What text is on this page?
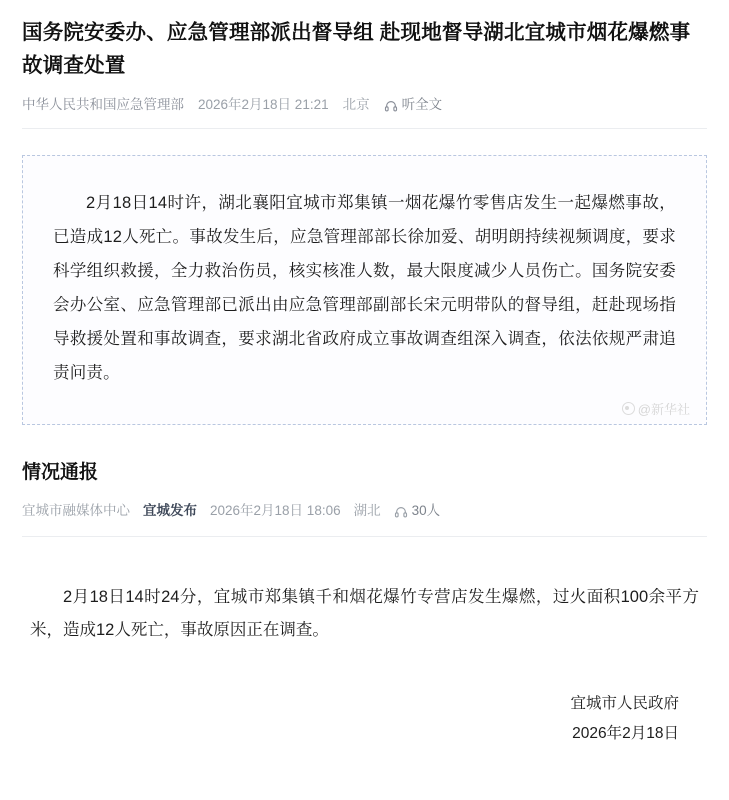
国务院安委办、应急管理部派出督导组 赴现地督导湖北宜城市烟花爆燃事故调查处置
中华人民共和国应急管理部 2026年2月18日 21:21 北京 听全文

2月18日14时许，湖北襄阳宜城市郑集镇一烟花爆竹零售店发生一起爆燃事故，已造成12人死亡。事故发生后，应急管理部部长徐加爱、胡明朗持续视频调度，要求科学组织救援，全力救治伤员，核实核准人数，最大限度减少人员伤亡。国务院安委会办公室、应急管理部已派出由应急管理部副部长宋元明带队的督导组，赶赴现场指导救援处置和事故调查，要求湖北省政府成立事故调查组深入调查，依法依规严肃追责问责。

@新华社
情况通报
宜城市融媒体中心 宜城发布 2026年2月18日 18:06 湖北 30人

2月18日14时24分，宜城市郑集镇千和烟花爆竹专营店发生爆燃，过火面积100余平方米，造成12人死亡，事故原因正在调查。

宜城市人民政府
2026年2月18日
